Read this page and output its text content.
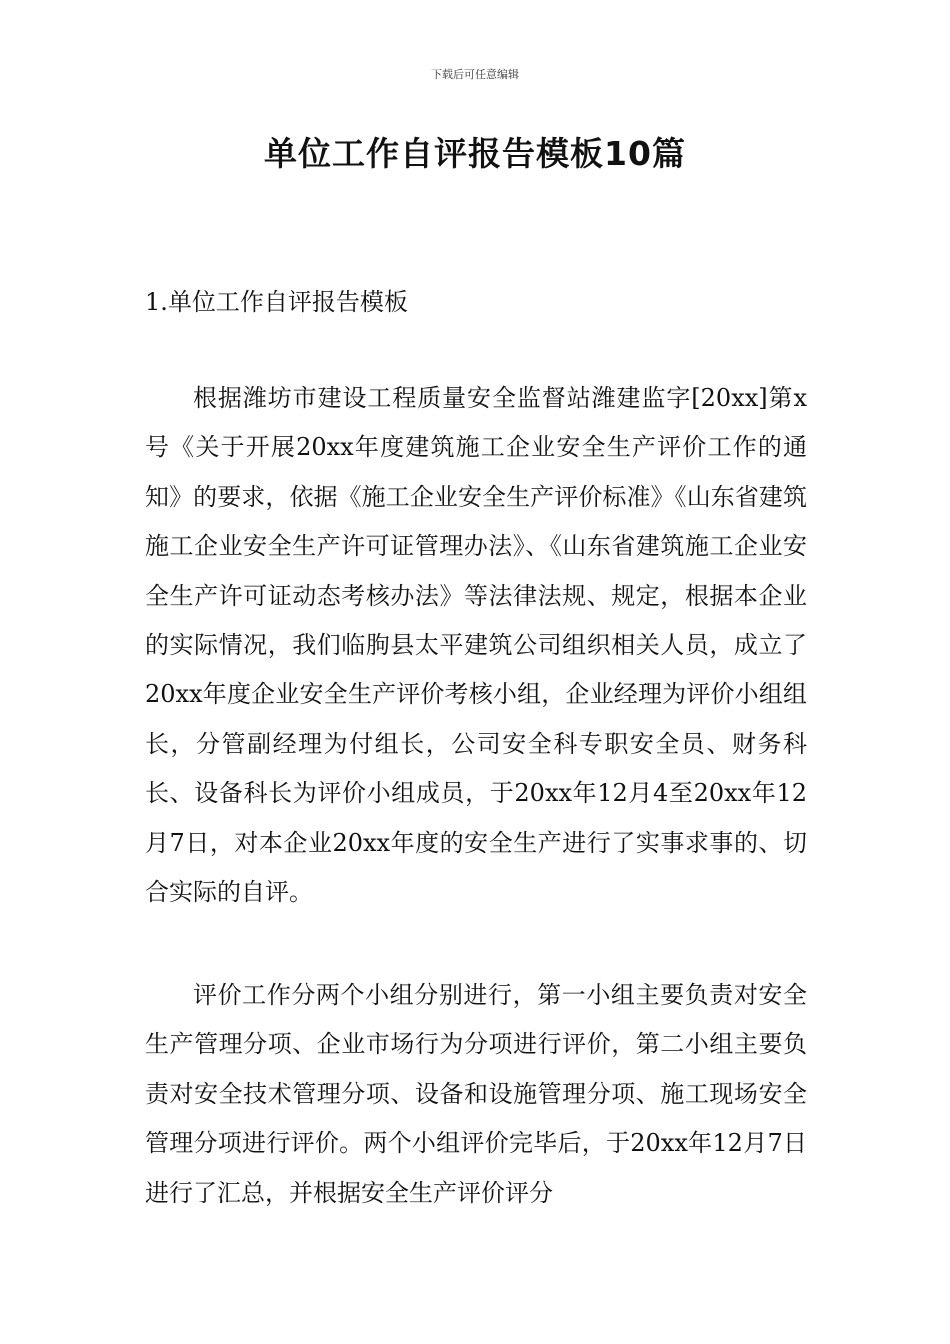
下载后可任意编辑
单位工作自评报告模板10篇
1.单位工作自评报告模板

根据潍坊市建设工程质量安全监督站潍建监字[20xx]第x号《关于开展20xx年度建筑施工企业安全生产评价工作的通知》的要求，依据《施工企业安全生产评价标准》《山东省建筑施工企业安全生产许可证管理办法》、《山东省建筑施工企业安全生产许可证动态考核办法》等法律法规、规定，根据本企业的实际情况，我们临朐县太平建筑公司组织相关人员，成立了20xx年度企业安全生产评价考核小组，企业经理为评价小组组长，分管副经理为付组长，公司安全科专职安全员、财务科长、设备科长为评价小组成员，于20xx年12月4至20xx年12月7日，对本企业20xx年度的安全生产进行了实事求事的、切合实际的自评。

评价工作分两个小组分别进行，第一小组主要负责对安全生产管理分项、企业市场行为分项进行评价，第二小组主要负责对安全技术管理分项、设备和设施管理分项、施工现场安全管理分项进行评价。两个小组评价完毕后，于20xx年12月7日进行了汇总，并根据安全生产评价评分
